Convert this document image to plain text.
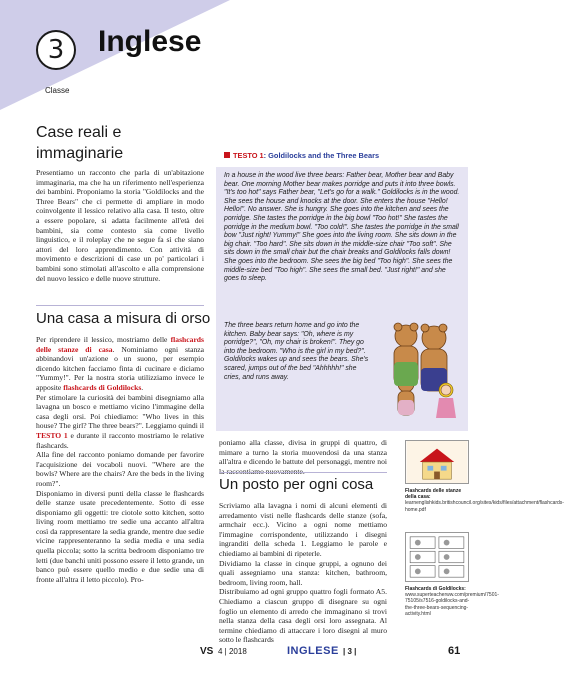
3
Classe
Inglese
Case reali e immaginarie
Presentiamo un racconto che parla di un'abitazione immaginaria, ma che ha un riferimento nell'esperienza dei bambini. Proponiamo la storia "Goldilocks and the Three Bears" che ci permette di ampliare in modo coinvolgente il lessico relativo alla casa. Il testo, oltre a essere popolare, si adatta facilmente all'età dei bambini, sia come contesto sia come livello linguistico, e il roleplay che ne segue fa sì che siano attori del loro apprendimento. Con attività di movimento e descrizioni di case un po' particolari i bambini sono stimolati all'ascolto e alla comprensione del nuovo lessico e delle nuove strutture.
Una casa a misura di orso

Per riprendere il lessico, mostriamo delle flashcards delle stanze di casa. Nominiamo ogni stanza abbinandovi un'azione o un suono, per esempio dicendo kitchen facciamo finta di cucinare e diciamo "Yummy!". Per la nostra storia utilizziamo invece le apposite flashcards di Goldilocks.

Per stimolare la curiosità dei bambini disegniamo alla lavagna un bosco e mettiamo vicino l'immagine della casa degli orsi. Poi chiediamo: "Who lives in this house? The girl? The three bears?". Leggiamo quindi il TESTO 1 e durante il racconto mostriamo le relative flashcards.

Alla fine del racconto poniamo domande per favorire l'acquisizione dei vocaboli nuovi. "Where are the bowls? Where are the chairs? Are the beds in the living room?".

Disponiamo in diversi punti della classe le flashcards delle stanze usate precedentemente. Sotto di esse disponiamo gli oggetti: tre ciotole sotto kitchen, sotto living room mettiamo tre sedie una accanto all'altra così da rappresentare la sedia grande, mentre due sedie vicine rappresenteranno la sedia media e una sedia quella piccola; sotto la scritta bedroom disponiamo tre letti (due banchi uniti possono essere il letto grande, un banco può essere quello medio e due sedie una di fronte all'altra il letto piccolo). Pro-

TESTO 1: Goldilocks and the Three Bears
In a house in the wood live three bears: Father bear, Mother bear and Baby bear. One morning Mother bear makes porridge and puts it into three bowls. "It's too hot" says Father bear, "Let's go for a walk." Goldilocks is in the wood. She sees the house and knocks at the door. She enters the house "Hello! Hello!". No answer. She is hungry. She goes into the kitchen and sees the porridge. She tastes the porridge in the big bowl "Too hot!" She tastes the porridge in the medium bowl. "Too cold!". She tastes the porridge in the small bow "Just right! Yummy!" She goes into the living room. She sits down in the big chair. "Too hard". She sits down in the middle-size chair "Too soft". She sits down in the small chair but the chair breaks and Goldilocks falls down! She goes into the bedroom. She sees the big bed "Too high". She sees the middle-size bed "Too high". She sees the small bed. "Just right!" and she goes to sleep.
The three bears return home and go into the kitchen. Baby bear says: "Oh, where is my porridge?", "Oh, my chair is broken!". They go into the bedroom. "Who is the girl in my bed?". Goldilocks wakes up and sees the bears. She's scared, jumps out of the bed "Ahhhhh!" she cries, and runs away.
poniamo alla classe, divisa in gruppi di quattro, di mimare a turno la storia muovendosi da una stanza all'altra e dicendo le battute del personaggi, mentre noi
Un posto per ogni cosa

Scriviamo alla lavagna i nomi di alcuni elementi di arredamento visti nelle flashcards delle stanze (sofa, armchair ecc.). Vicino a ogni nome mettiamo l'immagine corrispondente, utilizzando i disegni ingranditi della scheda 1. Leggiamo le parole e chiediamo ai bambini di ripeterle.

Dividiamo la classe in cinque gruppi, a ognuno dei quali assegniamo una stanza: kitchen, bathroom, bedroom, living room, hall.

Distribuiamo ad ogni gruppo quattro fogli formato A5. Chiediamo a ciascun gruppo di disegnare su ogni foglio un elemento di arredo che immaginano si trovi nella stanza della casa degli orsi loro assegnata. Al termine chiediamo di attaccare i loro disegni al muro sotto le flashcards

Flashcards delle stanze della casa:
learnenglishkids.britishcouncil.org/sites/kids/files/attachment/flashcards-home.pdf
Flashcards di Goldilocks:
www.superteacherww.com/premium/7501-75105/s7516-goldilocks-and-the-three-bears-sequencing-activity.html
VS 4 | 2018	INGLESE | 3 |	61
